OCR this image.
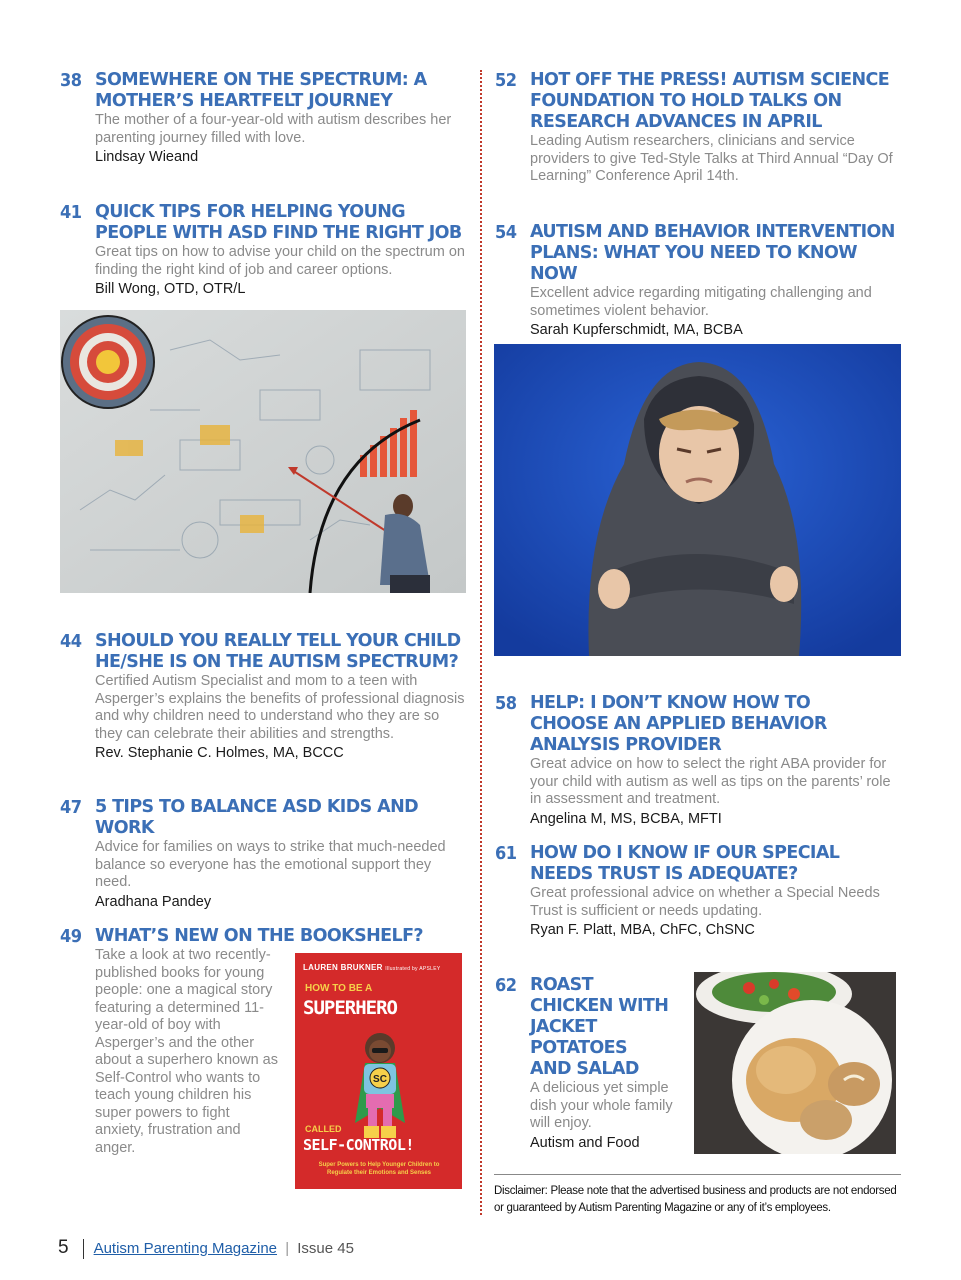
38 SOMEWHERE ON THE SPECTRUM: A MOTHER’S HEARTFELT JOURNEY
The mother of a four-year-old with autism describes her parenting journey filled with love.
Lindsay Wieand
41 QUICK TIPS FOR HELPING YOUNG PEOPLE WITH ASD FIND THE RIGHT JOB
Great tips on how to advise your child on the spectrum on finding the right kind of job and career options.
Bill Wong, OTD, OTR/L
44 SHOULD YOU REALLY TELL YOUR CHILD HE/SHE IS ON THE AUTISM SPECTRUM?
Certified Autism Specialist and mom to a teen with Asperger’s explains the benefits of professional diagnosis and why children need to understand who they are so they can celebrate their abilities and strengths.
Rev. Stephanie C. Holmes, MA, BCCC
47 5 TIPS TO BALANCE ASD KIDS AND WORK
Advice for families on ways to strike that much-needed balance so everyone has the emotional support they need.
Aradhana Pandey
49 WHAT’S NEW ON THE BOOKSHELF?
Take a look at two recently-published books for young people: one a magical story featuring a determined 11-year-old of boy with Asperger’s and the other about a superhero known as Self-Control who wants to teach young children his super powers to fight anxiety, frustration and anger.
LAUREN BRUKNER Illustrated by APSLEY
HOW TO BE A
SUPERHERO
SC
CALLED
SELF-CONTROL!
Super Powers to Help Younger Children to Regulate their Emotions and Senses
52 HOT OFF THE PRESS! AUTISM SCIENCE FOUNDATION TO HOLD TALKS ON RESEARCH ADVANCES IN APRIL
Leading Autism researchers, clinicians and service providers to give Ted-Style Talks at Third Annual “Day Of Learning” Conference April 14th.
54 AUTISM AND BEHAVIOR INTERVENTION PLANS: WHAT YOU NEED TO KNOW NOW
Excellent advice regarding mitigating challenging and sometimes violent behavior.
Sarah Kupferschmidt, MA, BCBA
58 HELP: I DON’T KNOW HOW TO CHOOSE AN APPLIED BEHAVIOR ANALYSIS PROVIDER
Great advice on how to select the right ABA provider for your child with autism as well as tips on the parents’ role in assessment and treatment.
Angelina M, MS, BCBA, MFTI
61 HOW DO I KNOW IF OUR SPECIAL NEEDS TRUST IS ADEQUATE?
Great professional advice on whether a Special Needs Trust is sufficient or needs updating.
Ryan F. Platt, MBA, ChFC, ChSNC
62 ROAST CHICKEN WITH JACKET POTATOES AND SALAD
A delicious yet simple dish your whole family will enjoy.
Autism and Food
Disclaimer: Please note that the advertised business and products are not endorsed or guaranteed by Autism Parenting Magazine or any of it’s employees.
5 Autism Parenting Magazine | Issue 45
